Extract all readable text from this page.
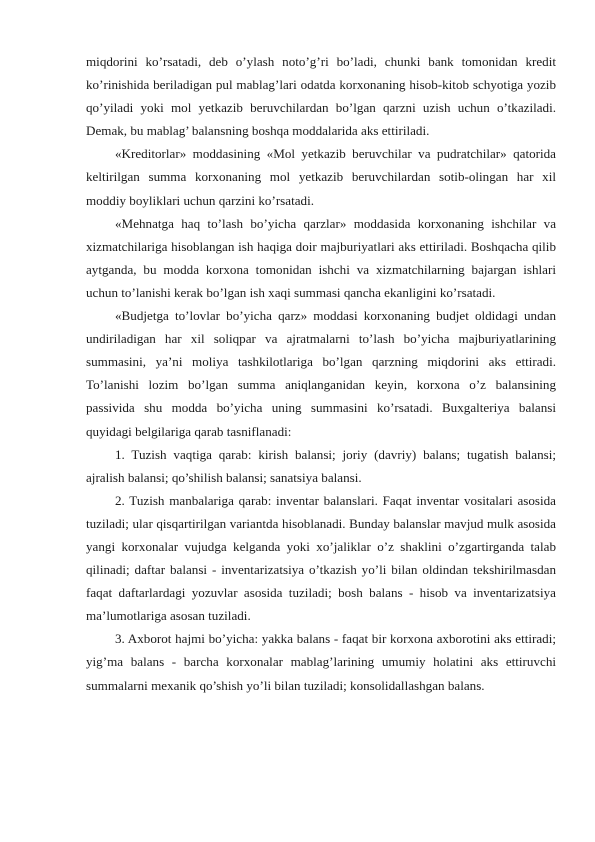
miqdorini ko’rsatadi, deb o’ylash noto’g’ri bo’ladi, chunki bank tomonidan kredit ko’rinishida beriladigan pul mablag’lari odatda korxonaning hisob-kitob schyotiga yozib qo’yiladi yoki mol yetkazib beruvchilardan bo’lgan qarzni uzish uchun o’tkaziladi. Demak, bu mablag’ balansning boshqa moddalarida aks ettiriladi.

«Kreditorlar» moddasining «Mol yetkazib beruvchilar va pudratchilar» qatorida keltirilgan summa korxonaning mol yetkazib beruvchilardan sotib-olingan har xil moddiy boyliklari uchun qarzini ko’rsatadi.

«Mehnatga haq to’lash bo’yicha qarzlar» moddasida korxonaning ishchilar va xizmatchilariga hisoblangan ish haqiga doir majburiyatlari aks ettiriladi. Boshqacha qilib aytganda, bu modda korxona tomonidan ishchi va xizmatchilarning bajargan ishlari uchun to’lanishi kerak bo’lgan ish xaqi summasi qancha ekanligini ko’rsatadi.

«Budjetga to’lovlar bo’yicha qarz» moddasi korxonaning budjet oldidagi undan undiriladigan har xil soliqpar va ajratmalarni to’lash bo’yicha majburiyatlarining summasini, ya’ni moliya tashkilotlariga bo’lgan qarzning miqdorini aks ettiradi. To’lanishi lozim bo’lgan summa aniqlanganidan keyin, korxona o’z balansining passivida shu modda bo’yicha uning summasini ko’rsatadi. Buxgalteriya balansi quyidagi belgilariga qarab tasniflanadi:

1. Tuzish vaqtiga qarab: kirish balansi; joriy (davriy) balans; tugatish balansi; ajralish balansi; qo’shilish balansi; sanatsiya balansi.

2. Tuzish manbalariga qarab: inventar balanslari. Faqat inventar vositalari asosida tuziladi; ular qisqartirilgan variantda hisoblanadi. Bunday balanslar mavjud mulk asosida yangi korxonalar vujudga kelganda yoki xo’jaliklar o’z shaklini o’zgartirganda talab qilinadi; daftar balansi - inventarizatsiya o’tkazish yo’li bilan oldindan tekshirilmasdan faqat daftarlardagi yozuvlar asosida tuziladi; bosh balans - hisob va inventarizatsiya ma’lumotlariga asosan tuziladi.

3. Axborot hajmi bo’yicha: yakka balans - faqat bir korxona axborotini aks ettiradi; yig’ma balans - barcha korxonalar mablag’larining umumiy holatini aks ettiruvchi summalarni mexanik qo’shish yo’li bilan tuziladi; konsolidallashgan balans.
